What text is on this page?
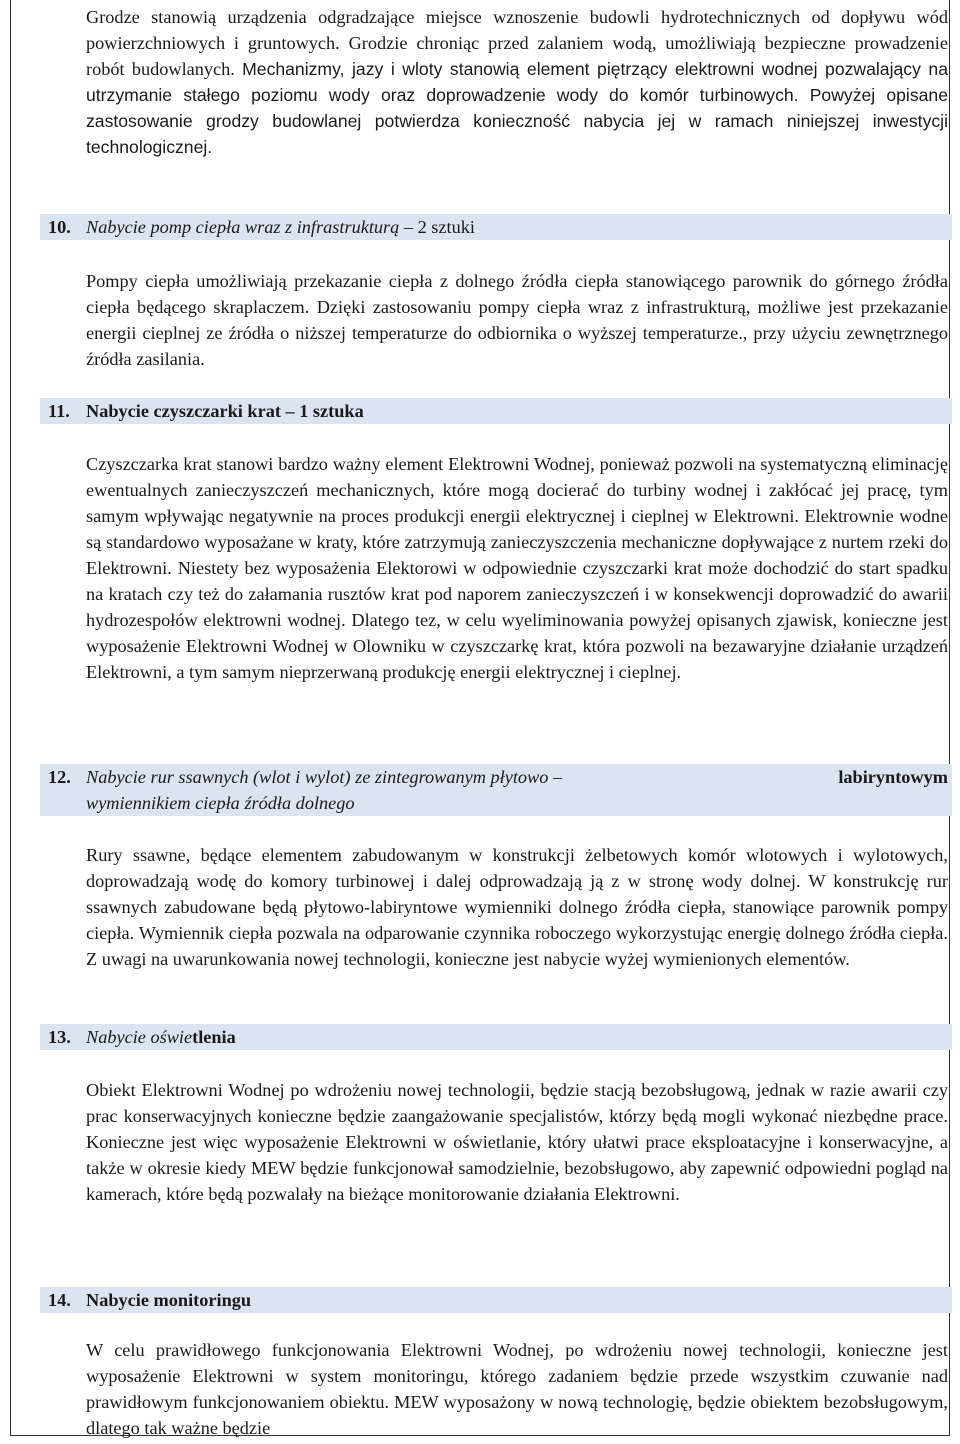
Grodze stanowią urządzenia odgradzające miejsce wznoszenie budowli hydrotechnicznych od dopływu wód powierzchniowych i gruntowych. Grodzie chroniąc przed zalaniem wodą, umożliwiają bezpieczne prowadzenie robót budowlanych. Mechanizmy, jazy i wloty stanowią element piętrzący elektrowni wodnej pozwalający na utrzymanie stałego poziomu wody oraz doprowadzenie wody do komór turbinowych. Powyżej opisane zastosowanie grodzy budowlanej potwierdza konieczność nabycia jej w ramach niniejszej inwestycji technologicznej.
10. Nabycie pomp ciepła wraz z infrastrukturą – 2 sztuki

Pompy ciepła umożliwiają przekazanie ciepła z dolnego źródła ciepła stanowiącego parownik do górnego źródła ciepła będącego skraplaczem. Dzięki zastosowaniu pompy ciepła wraz z infrastrukturą, możliwe jest przekazanie energii cieplnej ze źródła o niższej temperaturze do odbiornika o wyższej temperaturze., przy użyciu zewnętrznego źródła zasilania.

11. Nabycie czyszczarki krat – 1 sztuka

Czyszczarka krat stanowi bardzo ważny element Elektrowni Wodnej, ponieważ pozwoli na systematyczną eliminację ewentualnych zanieczyszczeń mechanicznych, które mogą docierać do turbiny wodnej i zakłócać jej pracę, tym samym wpływając negatywnie na proces produkcji energii elektrycznej i cieplnej w Elektrowni. Elektrownie wodne są standardowo wyposażane w kraty, które zatrzymują zanieczyszczenia mechaniczne dopływające z nurtem rzeki do Elektrowni. Niestety bez wyposażenia Elektorowi w odpowiednie czyszczarki krat może dochodzić do start spadku na kratach czy też do załamania rusztów krat pod naporem zanieczyszczeń i w konsekwencji doprowadzić do awarii hydrozespołów elektrowni wodnej. Dlatego tez, w celu wyeliminowania powyżej opisanych zjawisk, konieczne jest wyposażenie Elektrowni Wodnej w Olowniku w czyszczarkę krat, która pozwoli na bezawaryjne działanie urządzeń Elektrowni, a tym samym nieprzerwaną produkcję energii elektrycznej i cieplnej.

12. Nabycie rur ssawnych (wlot i wylot) ze zintegrowanym płytowo –	labiryntowym
wymiennikiem ciepła źródła dolnego

Rury ssawne, będące elementem zabudowanym w konstrukcji żelbetowych komór wlotowych i wylotowych, doprowadzają wodę do komory turbinowej i dalej odprowadzają ją z w stronę wody dolnej. W konstrukcję rur ssawnych zabudowane będą płytowo-labiryntowe wymienniki dolnego źródła ciepła, stanowiące parownik pompy ciepła. Wymiennik ciepła pozwala na odparowanie czynnika roboczego wykorzystując energię dolnego źródła ciepła. Z uwagi na uwarunkowania nowej technologii, konieczne jest nabycie wyżej wymienionych elementów.

13. Nabycie oświetlenia

Obiekt Elektrowni Wodnej po wdrożeniu nowej technologii, będzie stacją bezobsługową, jednak w razie awarii czy prac konserwacyjnych konieczne będzie zaangażowanie specjalistów, którzy będą mogli wykonać niezbędne prace. Konieczne jest więc wyposażenie Elektrowni w oświetlanie, który ułatwi prace eksploatacyjne i konserwacyjne, a także w okresie kiedy MEW będzie funkcjonował samodzielnie, bezobsługowo, aby zapewnić odpowiedni pogląd na kamerach, które będą pozwalały na bieżące monitorowanie działania Elektrowni.

14. Nabycie monitoringu

W celu prawidłowego funkcjonowania Elektrowni Wodnej, po wdrożeniu nowej technologii, konieczne jest wyposażenie Elektrowni w system monitoringu, którego zadaniem będzie przede wszystkim czuwanie nad prawidłowym funkcjonowaniem obiektu. MEW wyposażony w nową technologię, będzie obiektem bezobsługowym, dlatego tak ważne będzie
